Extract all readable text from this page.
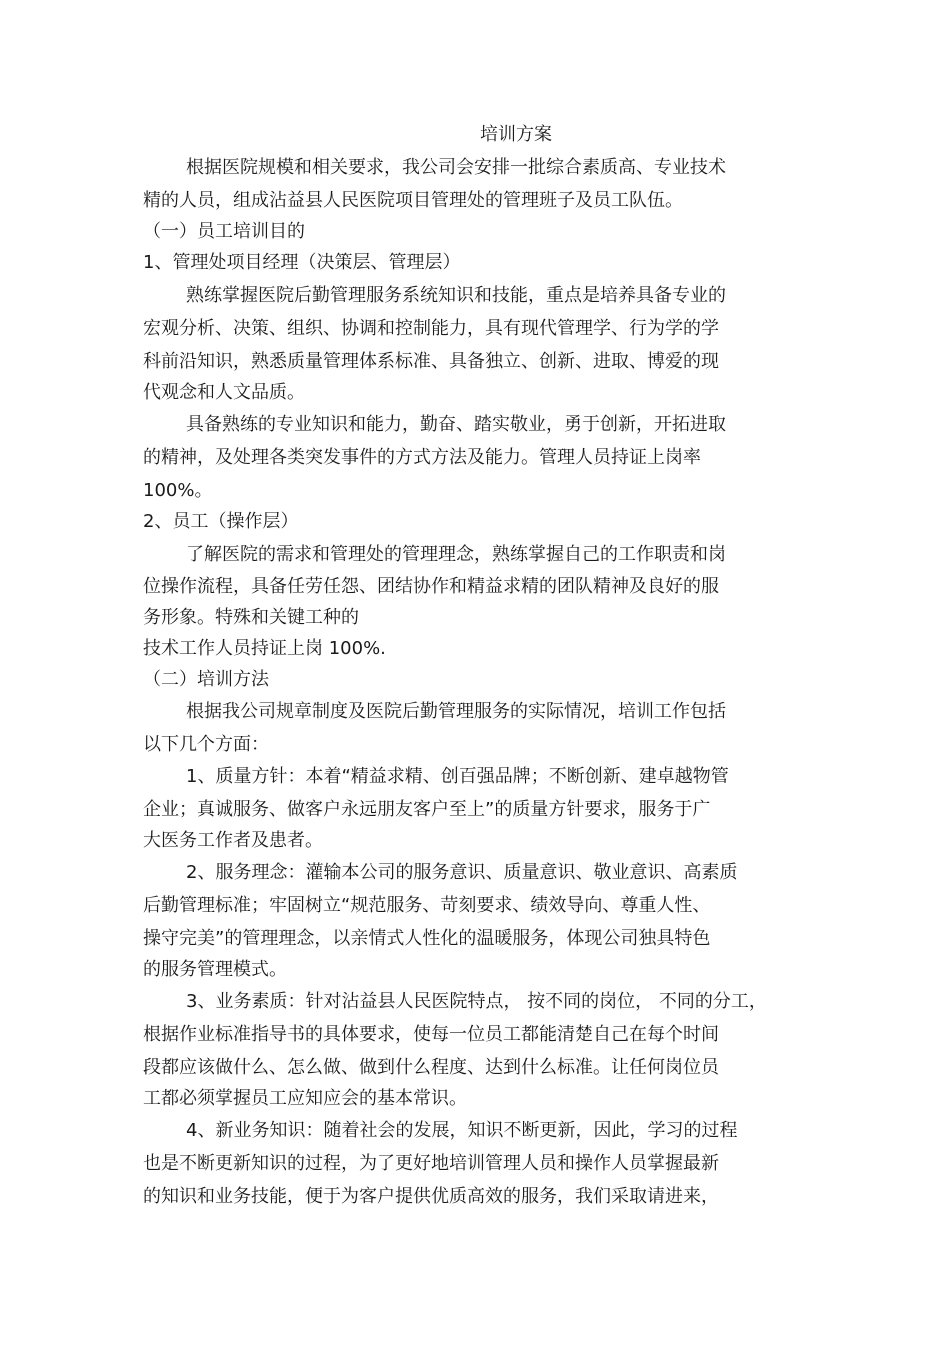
培训方案
根据医院规模和相关要求，我公司会安排一批综合素质高、专业技术
精的人员，组成沾益县人民医院项目管理处的管理班子及员工队伍。
（一）员工培训目的
1、管理处项目经理（决策层、管理层）
熟练掌握医院后勤管理服务系统知识和技能，重点是培养具备专业的
宏观分析、决策、组织、协调和控制能力，具有现代管理学、行为学的学
科前沿知识，熟悉质量管理体系标准、具备独立、创新、进取、博爱的现
代观念和人文品质。
具备熟练的专业知识和能力，勤奋、踏实敬业，勇于创新，开拓进取
的精神，及处理各类突发事件的方式方法及能力。管理人员持证上岗率
100%。
2、员工（操作层）
了解医院的需求和管理处的管理理念，熟练掌握自己的工作职责和岗
位操作流程，具备任劳任怨、团结协作和精益求精的团队精神及良好的服
务形象。特殊和关键工种的
技术工作人员持证上岗 100%.
（二）培训方法
根据我公司规章制度及医院后勤管理服务的实际情况，培训工作包括
以下几个方面：
1、质量方针：本着“精益求精、创百强品牌；不断创新、建卓越物管
企业；真诚服务、做客户永远朋友客户至上”的质量方针要求，服务于广
大医务工作者及患者。
2、服务理念：灌输本公司的服务意识、质量意识、敬业意识、高素质
后勤管理标准；牢固树立“规范服务、苛刻要求、绩效导向、尊重人性、
操守完美”的管理理念，以亲情式人性化的温暖服务，体现公司独具特色
的服务管理模式。
3、业务素质：针对沾益县人民医院特点， 按不同的岗位， 不同的分工，
根据作业标准指导书的具体要求，使每一位员工都能清楚自己在每个时间
段都应该做什么、怎么做、做到什么程度、达到什么标准。让任何岗位员
工都必须掌握员工应知应会的基本常识。
4、新业务知识：随着社会的发展，知识不断更新，因此，学习的过程
也是不断更新知识的过程，为了更好地培训管理人员和操作人员掌握最新
的知识和业务技能，便于为客户提供优质高效的服务，我们采取请进来，
